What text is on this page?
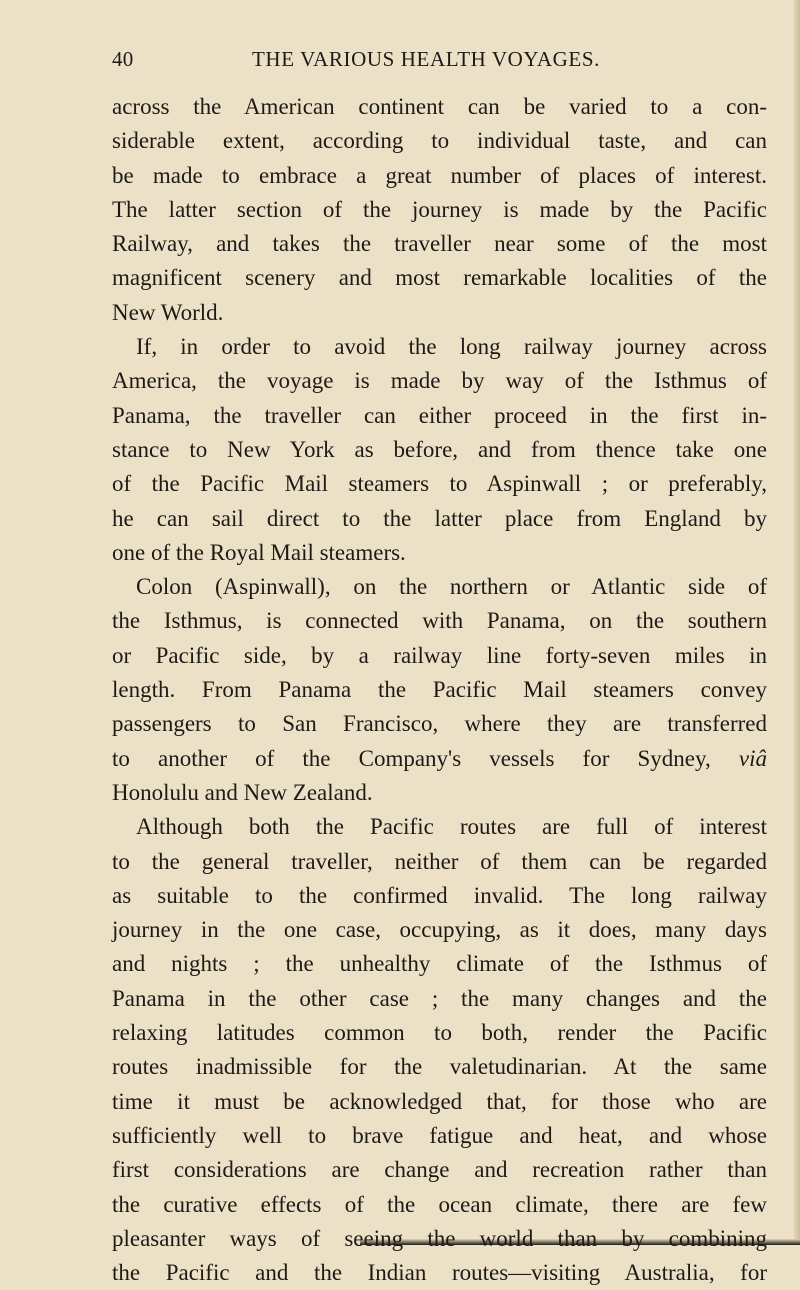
40	THE VARIOUS HEALTH VOYAGES.
across the American continent can be varied to a con-
siderable extent, according to individual taste, and can
be made to embrace a great number of places of interest.
The latter section of the journey is made by the Pacific
Railway, and takes the traveller near some of the most
magnificent scenery and most remarkable localities of the
New World.
If, in order to avoid the long railway journey across
America, the voyage is made by way of the Isthmus of
Panama, the traveller can either proceed in the first in-
stance to New York as before, and from thence take one
of the Pacific Mail steamers to Aspinwall ; or preferably,
he can sail direct to the latter place from England by
one of the Royal Mail steamers.
Colon (Aspinwall), on the northern or Atlantic side of
the Isthmus, is connected with Panama, on the southern
or Pacific side, by a railway line forty-seven miles in
length. From Panama the Pacific Mail steamers convey
passengers to San Francisco, where they are transferred
to another of the Company's vessels for Sydney, viâ
Honolulu and New Zealand.
Although both the Pacific routes are full of interest
to the general traveller, neither of them can be regarded
as suitable to the confirmed invalid. The long railway
journey in the one case, occupying, as it does, many days
and nights ; the unhealthy climate of the Isthmus of
Panama in the other case ; the many changes and the
relaxing latitudes common to both, render the Pacific
routes inadmissible for the valetudinarian. At the same
time it must be acknowledged that, for those who are
sufficiently well to brave fatigue and heat, and whose
first considerations are change and recreation rather than
the curative effects of the ocean climate, there are few
pleasanter ways of seeing the world than by combining
the Pacific and the Indian routes—visiting Australia, for
